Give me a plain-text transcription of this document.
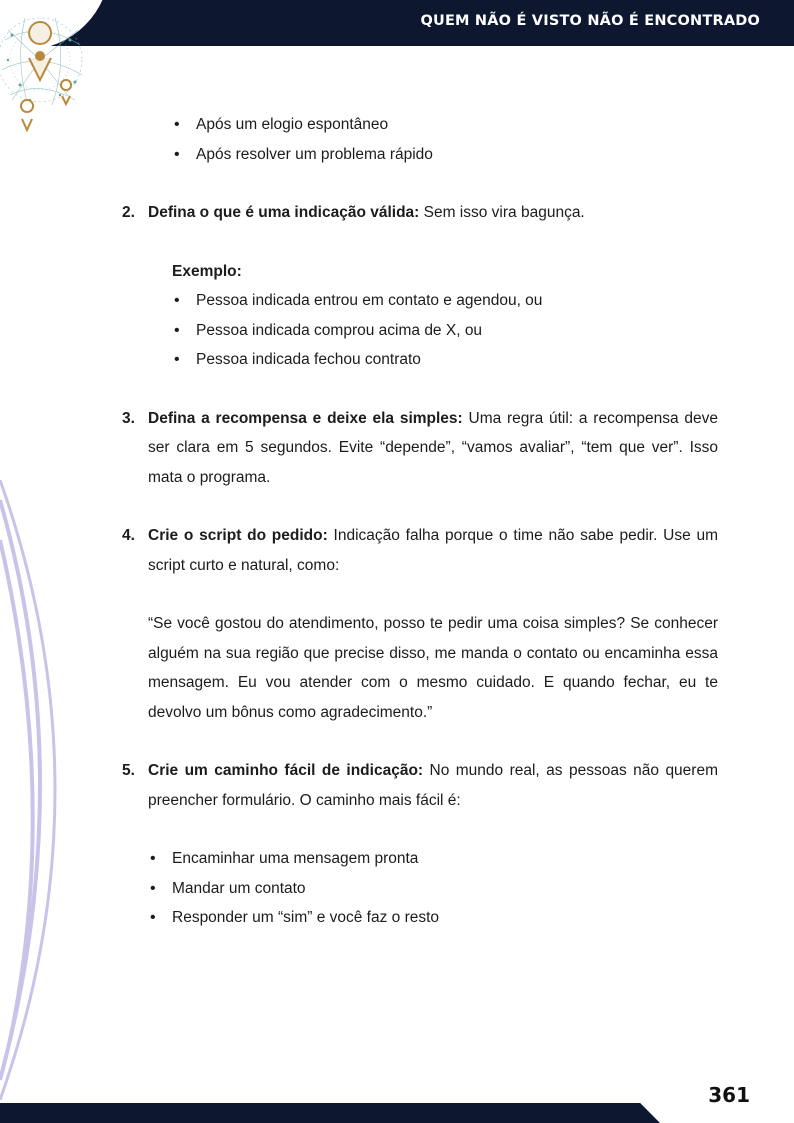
QUEM NÃO É VISTO NÃO É ENCONTRADO
• Após um elogio espontâneo
• Após resolver um problema rápido
2. Defina o que é uma indicação válida: Sem isso vira bagunça.
Exemplo:
• Pessoa indicada entrou em contato e agendou, ou
• Pessoa indicada comprou acima de X, ou
• Pessoa indicada fechou contrato
3. Defina a recompensa e deixe ela simples: Uma regra útil: a recompensa deve ser clara em 5 segundos. Evite “depende”, “vamos avaliar”, “tem que ver”. Isso mata o programa.
4. Crie o script do pedido: Indicação falha porque o time não sabe pedir. Use um script curto e natural, como:
“Se você gostou do atendimento, posso te pedir uma coisa simples? Se conhecer alguém na sua região que precise disso, me manda o contato ou encaminha essa mensagem. Eu vou atender com o mesmo cuidado. E quando fechar, eu te devolvo um bônus como agradecimento.”
5. Crie um caminho fácil de indicação: No mundo real, as pessoas não querem preencher formulário. O caminho mais fácil é:
• Encaminhar uma mensagem pronta
• Mandar um contato
• Responder um “sim” e você faz o resto
361
